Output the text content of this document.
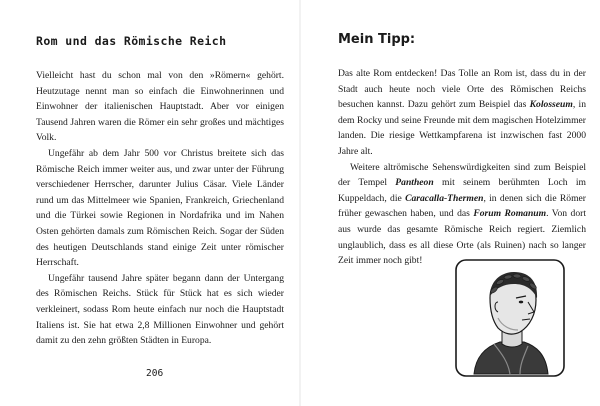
Rom und das Römische Reich

Vielleicht hast du schon mal von den »Römern« gehört. Heutzutage nennt man so einfach die Einwohnerinnen und Einwohner der italienischen Hauptstadt. Aber vor einigen Tausend Jahren waren die Römer ein sehr großes und mächtiges Volk.

Ungefähr ab dem Jahr 500 vor Christus breitete sich das Römische Reich immer weiter aus, und zwar unter der Führung verschiedener Herrscher, darunter Julius Cäsar. Viele Länder rund um das Mittelmeer wie Spanien, Frankreich, Griechenland und die Türkei sowie Regionen in Nordafrika und im Nahen Osten gehörten damals zum Römischen Reich. Sogar der Süden des heutigen Deutschlands stand einige Zeit unter römischer Herrschaft.

Ungefähr tausend Jahre später begann dann der Untergang des Römischen Reichs. Stück für Stück hat es sich wieder verkleinert, sodass Rom heute einfach nur noch die Hauptstadt Italiens ist. Sie hat etwa 2,8 Millionen Einwohner und gehört damit zu den zehn größten Städten in Europa.

206
Mein Tipp:

Das alte Rom entdecken! Das Tolle an Rom ist, dass du in der Stadt auch heute noch viele Orte des Römischen Reichs besuchen kannst. Dazu gehört zum Beispiel das Kolosseum, in dem Rocky und seine Freunde mit dem magischen Hotelzimmer landen. Die riesige Wettkampfarena ist inzwischen fast 2000 Jahre alt.

Weitere altrömische Sehenswürdigkeiten sind zum Beispiel der Tempel Pantheon mit seinem berühmten Loch im Kuppeldach, die Caracalla-Thermen, in denen sich die Römer früher gewaschen haben, und das Forum Romanum. Von dort aus wurde das gesamte Römische Reich regiert. Ziemlich unglaublich, dass es all diese Orte (als Ruinen) nach so langer Zeit immer noch gibt!
